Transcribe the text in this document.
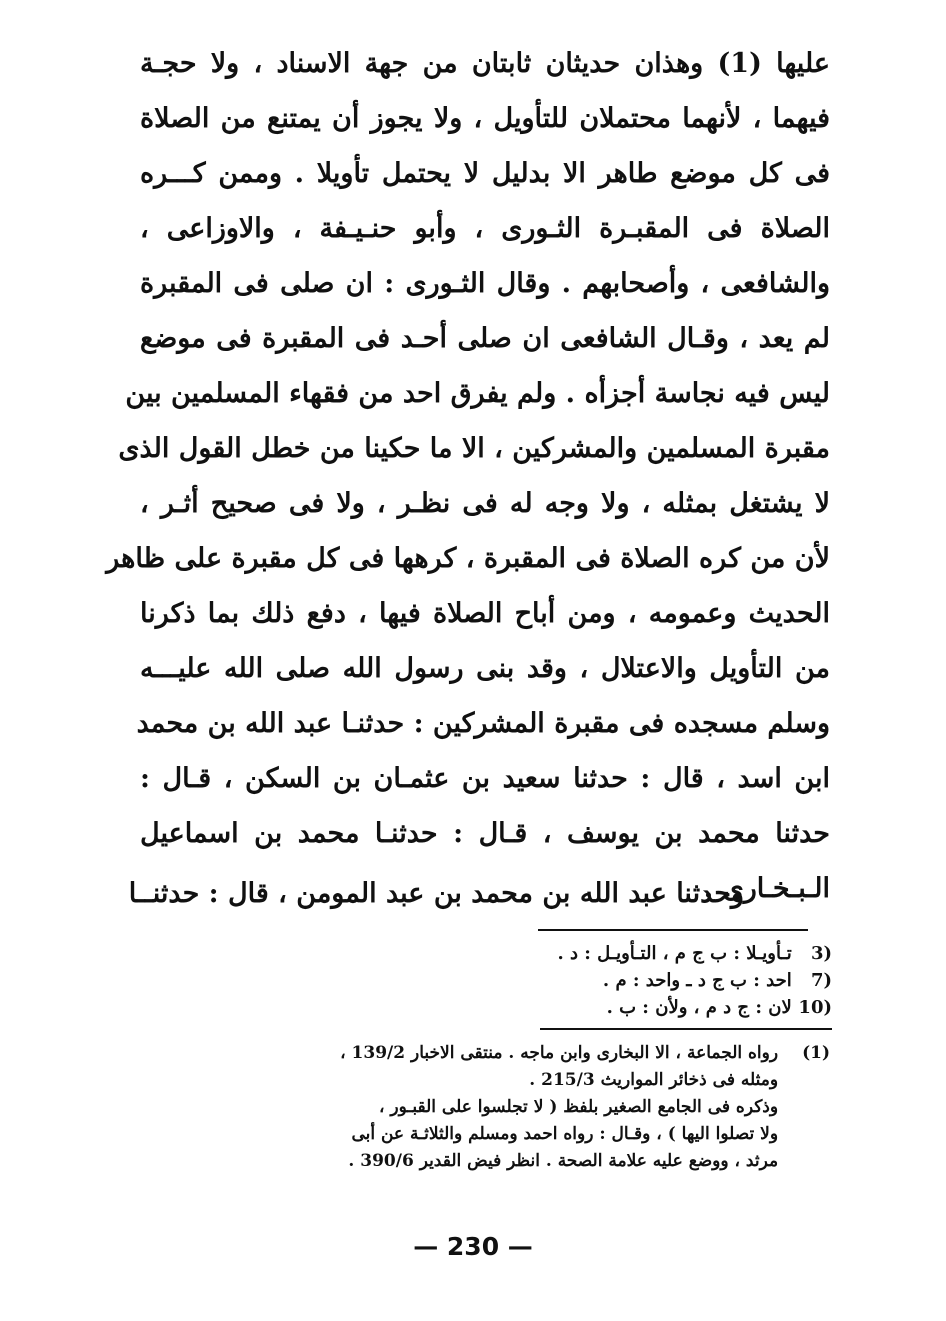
عليها (1) وهذان حديثان ثابتان من جهة الاسناد ، ولا حجـة
فيهما ، لأنهما محتملان للتأويل ، ولا يجوز أن يمتنع من الصلاة
فى كل موضع طاهر الا بدليل لا يحتمل تأويلا . وممن كـــره
الصلاة فى المقبـرة الثـورى ، وأبو حنـيـفة ، والاوزاعى ،
والشافعى ، وأصحابهم . وقال الثـورى : ان صلى فى المقبرة
لم يعد ، وقـال الشافعى ان صلى أحـد فى المقبرة فى موضع
ليس فيه نجاسة أجزأه . ولم يفرق احد من فقهاء المسلمين بين
مقبرة المسلمين والمشركين ، الا ما حكينا من خطل القول الذى
لا يشتغل بمثله ، ولا وجه له فى نظـر ، ولا فى صحيح أثـر ،
لأن من كره الصلاة فى المقبرة ، كرهها فى كل مقبرة على ظاهر
الحديث وعمومه ، ومن أباح الصلاة فيها ، دفع ذلك بما ذكرنا
من التأويل والاعتلال ، وقد بنى رسول الله صلى الله عليـــه
وسلم مسجده فى مقبرة المشركين : حدثنـا عبد الله بن محمد
ابن اسد ، قال : حدثنا سعيد بن عثمـان بن السكن ، قـال :
حدثنا محمد بن يوسف ، قـال : حدثنـا محمد بن اسماعيل
الـبـخـارى .
وحدثنا عبد الله بن محمد بن عبد المومن ، قال : حدثنــا
3) تـأويـلا : ب ج م ، التـأويـل : د .
7) احد : ب ج د ـ واحد : م .
10) لان : ج د م ، ولأن : ب .
(1) رواه الجماعة ، الا البخارى وابن ماجه . منتقى الاخبار 139/2 ،
ومثله فى ذخائر المواريث 215/3 .
وذكره فى الجامع الصغير بلفظ ( لا تجلسوا على القبـور ،
ولا تصلوا اليها ) ، وقـال : رواه احمد ومسلم والثلاثـة عن أبى
مرثد ، ووضع عليه علامة الصحة . انظر فيض القدير 390/6 .
— 230 —
